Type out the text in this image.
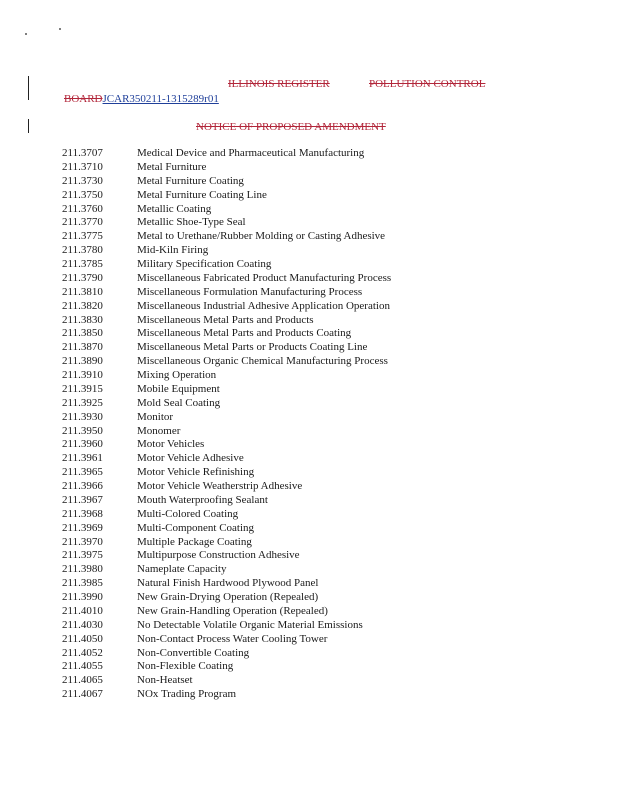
ILLINOIS REGISTER	POLLUTION CONTROL
BOARDJCAR350211-1315289r01
NOTICE OF PROPOSED AMENDMENT
211.3707	Medical Device and Pharmaceutical Manufacturing
211.3710	Metal Furniture
211.3730	Metal Furniture Coating
211.3750	Metal Furniture Coating Line
211.3760	Metallic Coating
211.3770	Metallic Shoe-Type Seal
211.3775	Metal to Urethane/Rubber Molding or Casting Adhesive
211.3780	Mid-Kiln Firing
211.3785	Military Specification Coating
211.3790	Miscellaneous Fabricated Product Manufacturing Process
211.3810	Miscellaneous Formulation Manufacturing Process
211.3820	Miscellaneous Industrial Adhesive Application Operation
211.3830	Miscellaneous Metal Parts and Products
211.3850	Miscellaneous Metal Parts and Products Coating
211.3870	Miscellaneous Metal Parts or Products Coating Line
211.3890	Miscellaneous Organic Chemical Manufacturing Process
211.3910	Mixing Operation
211.3915	Mobile Equipment
211.3925	Mold Seal Coating
211.3930	Monitor
211.3950	Monomer
211.3960	Motor Vehicles
211.3961	Motor Vehicle Adhesive
211.3965	Motor Vehicle Refinishing
211.3966	Motor Vehicle Weatherstrip Adhesive
211.3967	Mouth Waterproofing Sealant
211.3968	Multi-Colored Coating
211.3969	Multi-Component Coating
211.3970	Multiple Package Coating
211.3975	Multipurpose Construction Adhesive
211.3980	Nameplate Capacity
211.3985	Natural Finish Hardwood Plywood Panel
211.3990	New Grain-Drying Operation (Repealed)
211.4010	New Grain-Handling Operation (Repealed)
211.4030	No Detectable Volatile Organic Material Emissions
211.4050	Non-Contact Process Water Cooling Tower
211.4052	Non-Convertible Coating
211.4055	Non-Flexible Coating
211.4065	Non-Heatset
211.4067	NOx Trading Program
